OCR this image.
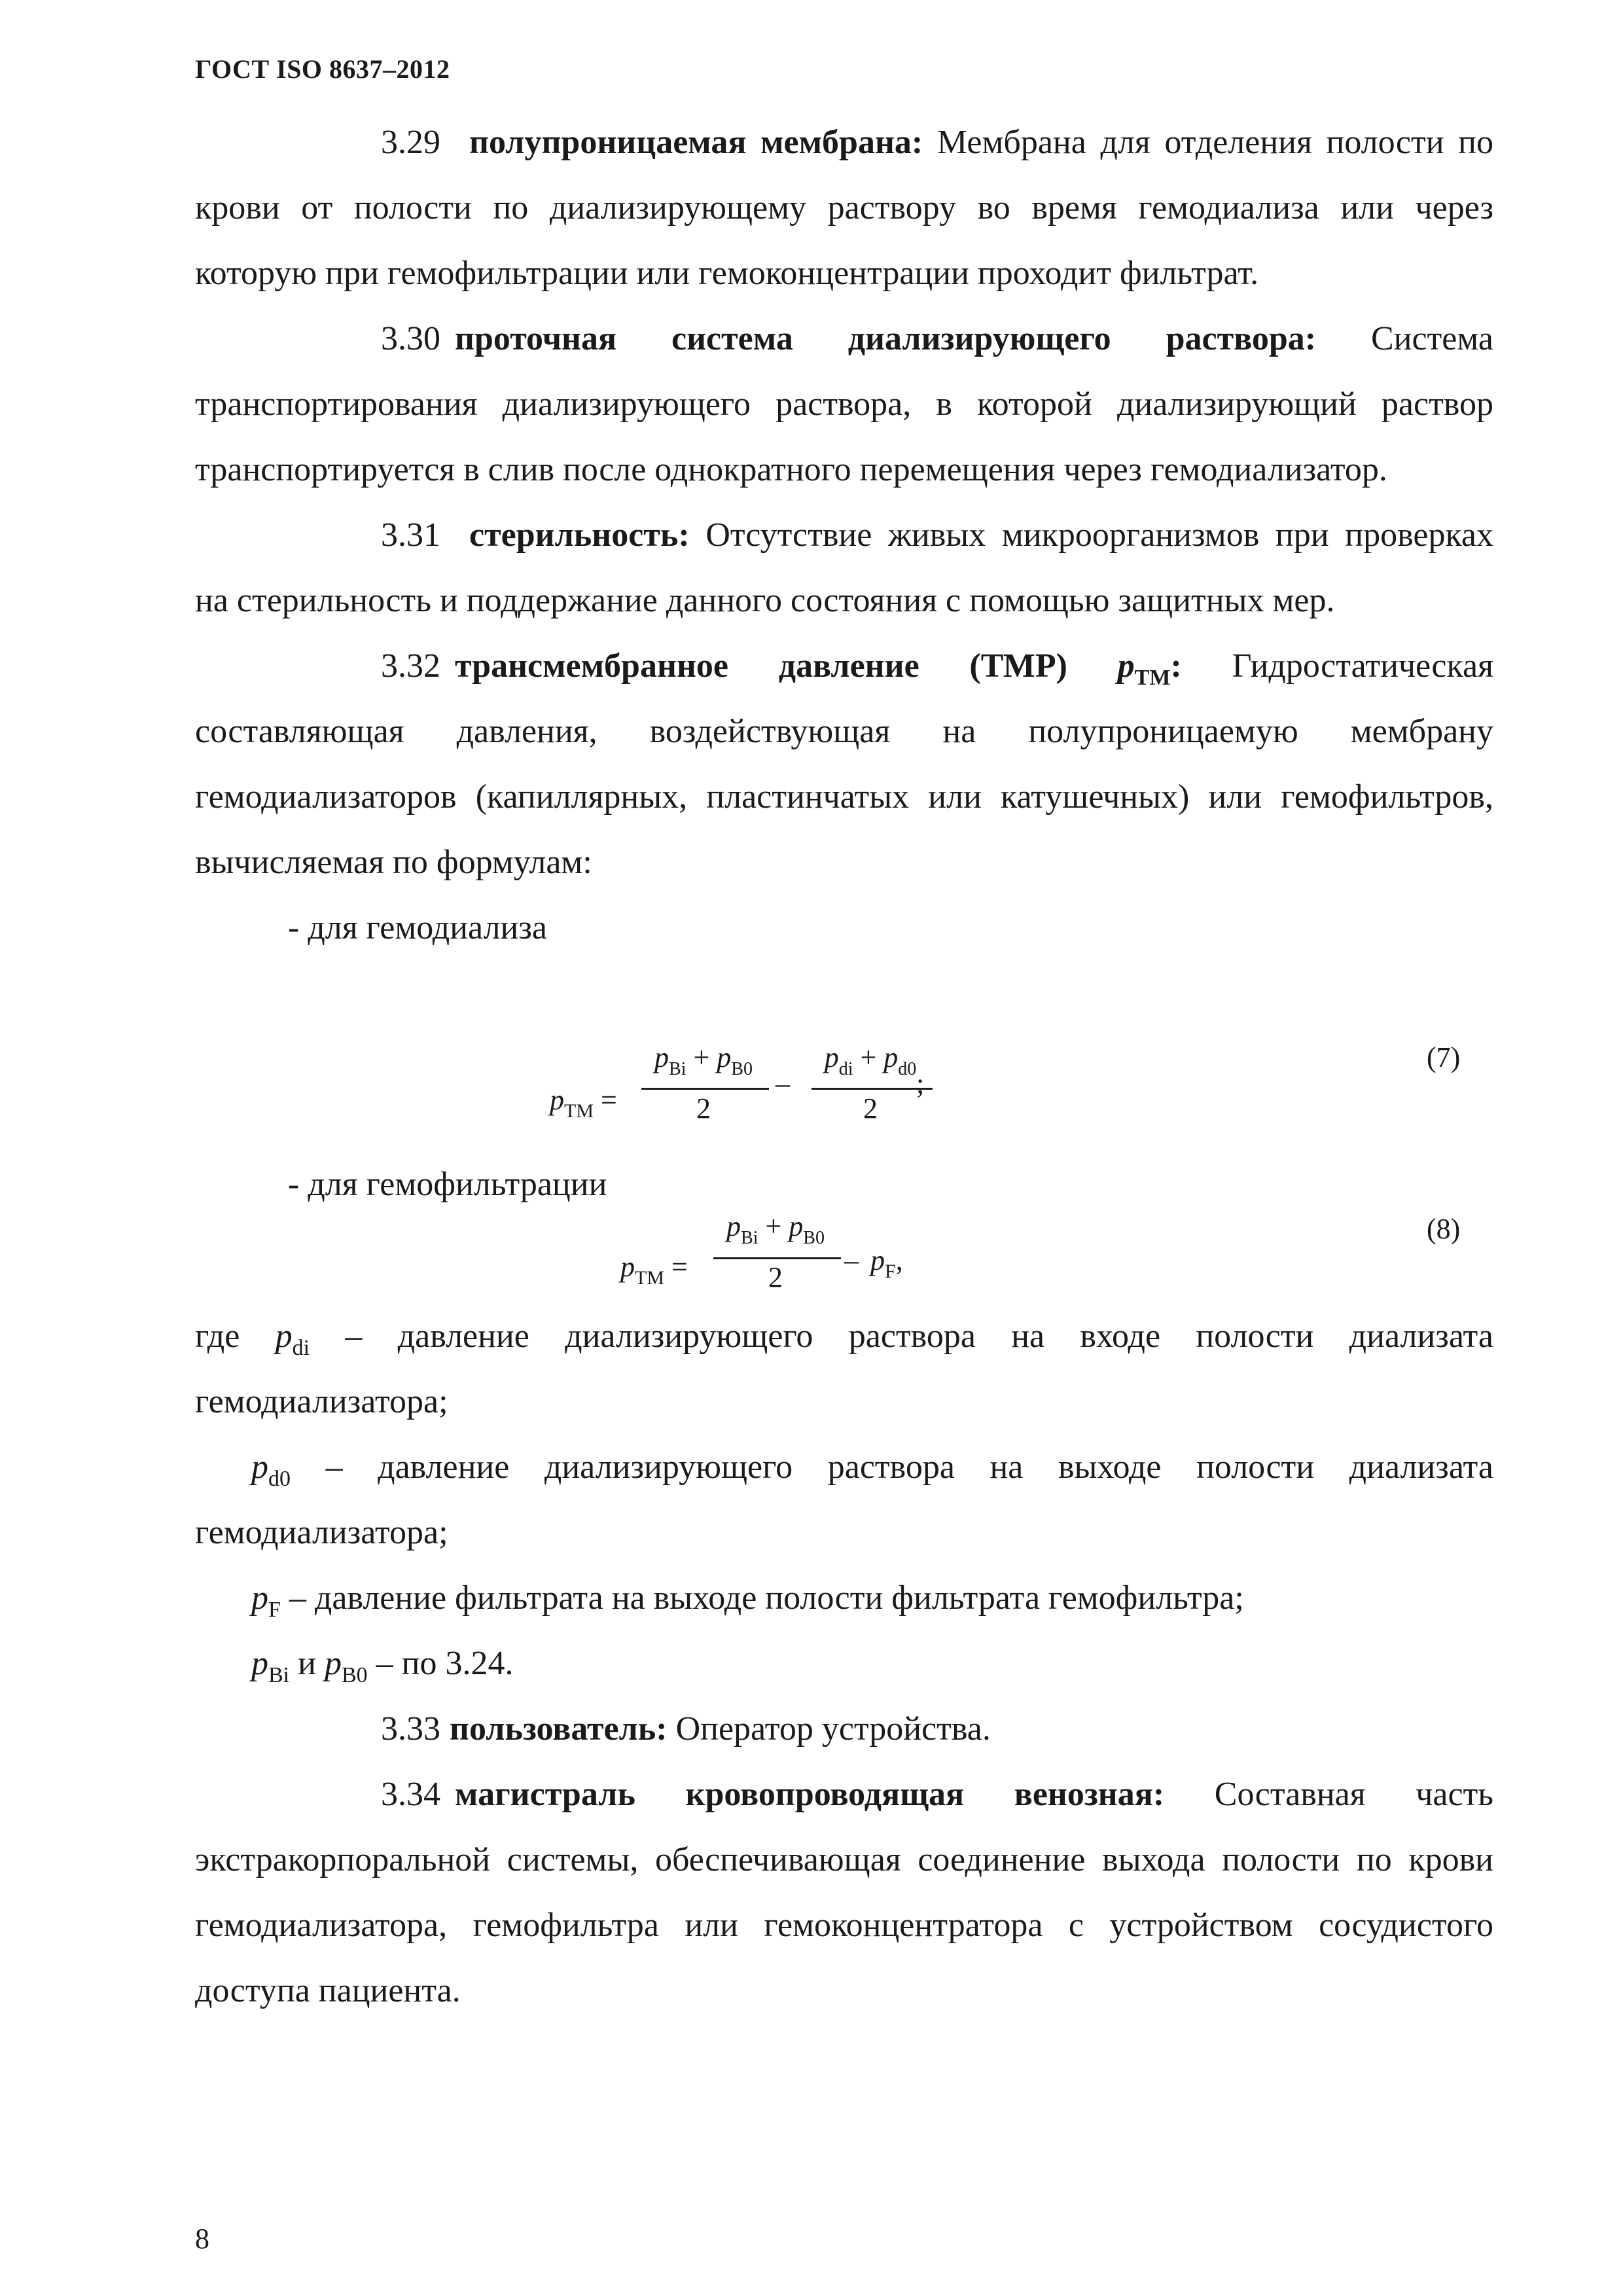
ГОСТ ISO 8637–2012

3.29 полупроницаемая мембрана: Мембрана для отделения полости по крови от полости по диализирующему раствору во время гемодиализа или через которую при гемофильтрации или гемоконцентрации проходит фильтрат.

3.30 проточная система диализирующего раствора: Система транспортирования диализирующего раствора, в которой диализирующий раствор транспортируется в слив после однократного перемещения через гемодиализатор.

3.31 стерильность: Отсутствие живых микроорганизмов при проверках на стерильность и поддержание данного состояния с помощью защитных мер.

3.32 трансмембранное давление (ТМР) $p_{TM}$: Гидростатическая составляющая давления, воздействующая на полупроницаемую мембрану гемодиализаторов (капиллярных, пластинчатых или катушечных) или гемофильтров, вычисляемая по формулам:

- для гемодиализа

$p_{TM}$ =
$p_{Bi} + p_{B0}$
2
–
$p_{di} + p_{d0}$
2
;
(7)

- для гемофильтрации

$p_{TM}$ =
$p_{Bi} + p_{B0}$
2
– $p_F$,
(8)

где $p_{di}$ – давление диализирующего раствора на входе полости диализата гемодиализатора;

$p_{d0}$ – давление диализирующего раствора на выходе полости диализата гемодиализатора;

$p_F$ – давление фильтрата на выходе полости фильтрата гемофильтра;

$p_{Bi}$ и $p_{B0}$ – по 3.24.

3.33 пользователь: Оператор устройства.

3.34 магистраль кровопроводящая венозная: Составная часть экстракорпоральной системы, обеспечивающая соединение выхода полости по крови гемодиализатора, гемофильтра или гемоконцентратора с устройством сосудистого доступа пациента.

8
